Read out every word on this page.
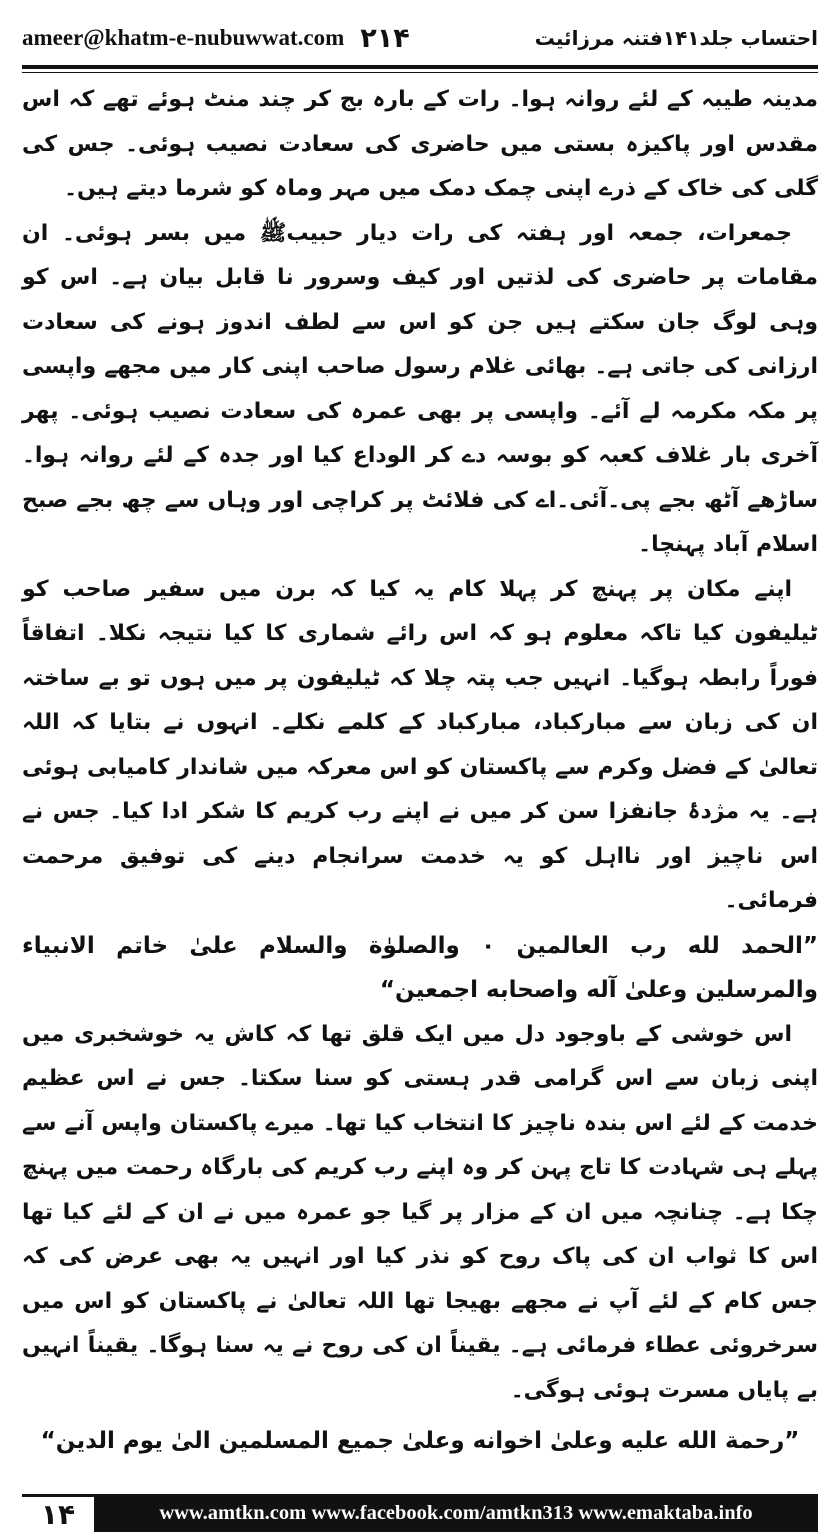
ameer@khatm-e-nubuwwat.com ۲۱۴	احتساب جلد۱۴۱فتنہ مرزائیت

مدینہ طیبہ کے لئے روانہ ہوا۔ رات کے بارہ بج کر چند منٹ ہوئے تھے کہ اس مقدس اور پاکیزہ بستی میں حاضری کی سعادت نصیب ہوئی۔ جس کی گلی کی خاک کے ذرے اپنی چمک دمک میں مہر وماہ کو شرما دیتے ہیں۔

جمعرات، جمعہ اور ہفتہ کی رات دیار حبیبﷺ میں بسر ہوئی۔ ان مقامات پر حاضری کی لذتیں اور کیف وسرور نا قابل بیان ہے۔ اس کو وہی لوگ جان سکتے ہیں جن کو اس سے لطف اندوز ہونے کی سعادت ارزانی کی جاتی ہے۔ بھائی غلام رسول صاحب اپنی کار میں مجھے واپسی پر مکہ مکرمہ لے آئے۔ واپسی پر بھی عمرہ کی سعادت نصیب ہوئی۔ پھر آخری بار غلاف کعبہ کو بوسہ دے کر الوداع کیا اور جدہ کے لئے روانہ ہوا۔ ساڑھے آٹھ بجے پی۔آئی۔اے کی فلائٹ پر کراچی اور وہاں سے چھ بجے صبح اسلام آباد پہنچا۔

اپنے مکان پر پہنچ کر پہلا کام یہ کیا کہ برن میں سفیر صاحب کو ٹیلیفون کیا تاکہ معلوم ہو کہ اس رائے شماری کا کیا نتیجہ نکلا۔ اتفاقاً فوراً رابطہ ہوگیا۔ انہیں جب پتہ چلا کہ ٹیلیفون پر میں ہوں تو بے ساختہ ان کی زبان سے مبارکباد، مبارکباد کے کلمے نکلے۔ انہوں نے بتایا کہ اللہ تعالیٰ کے فضل وکرم سے پاکستان کو اس معرکہ میں شاندار کامیابی ہوئی ہے۔ یہ مژدۂ جانفزا سن کر میں نے اپنے رب کریم کا شکر ادا کیا۔ جس نے اس ناچیز اور نااہل کو یہ خدمت سرانجام دینے کی توفیق مرحمت فرمائی۔

”الحمد لله رب العالمين ۰ والصلوٰة والسلام علىٰ خاتم الانبياء والمرسلين وعلىٰ آله واصحابه اجمعين“

اس خوشی کے باوجود دل میں ایک قلق تھا کہ کاش یہ خوشخبری میں اپنی زبان سے اس گرامی قدر ہستی کو سنا سکتا۔ جس نے اس عظیم خدمت کے لئے اس بندہ ناچیز کا انتخاب کیا تھا۔ میرے پاکستان واپس آنے سے پہلے ہی شہادت کا تاج پہن کر وہ اپنے رب کریم کی بارگاہ رحمت میں پہنچ چکا ہے۔ چنانچہ میں ان کے مزار پر گیا جو عمرہ میں نے ان کے لئے کیا تھا اس کا ثواب ان کی پاک روح کو نذر کیا اور انہیں یہ بھی عرض کی کہ جس کام کے لئے آپ نے مجھے بھیجا تھا اللہ تعالیٰ نے پاکستان کو اس میں سرخروئی عطاء فرمائی ہے۔ یقیناً ان کی روح نے یہ سنا ہوگا۔ یقیناً انہیں بے پایاں مسرت ہوئی ہوگی۔

”رحمة الله عليه وعلىٰ اخوانه وعلىٰ جميع المسلمين الىٰ يوم الدين“

۱۴	www.amtkn.com www.facebook.com/amtkn313 www.emaktaba.info
